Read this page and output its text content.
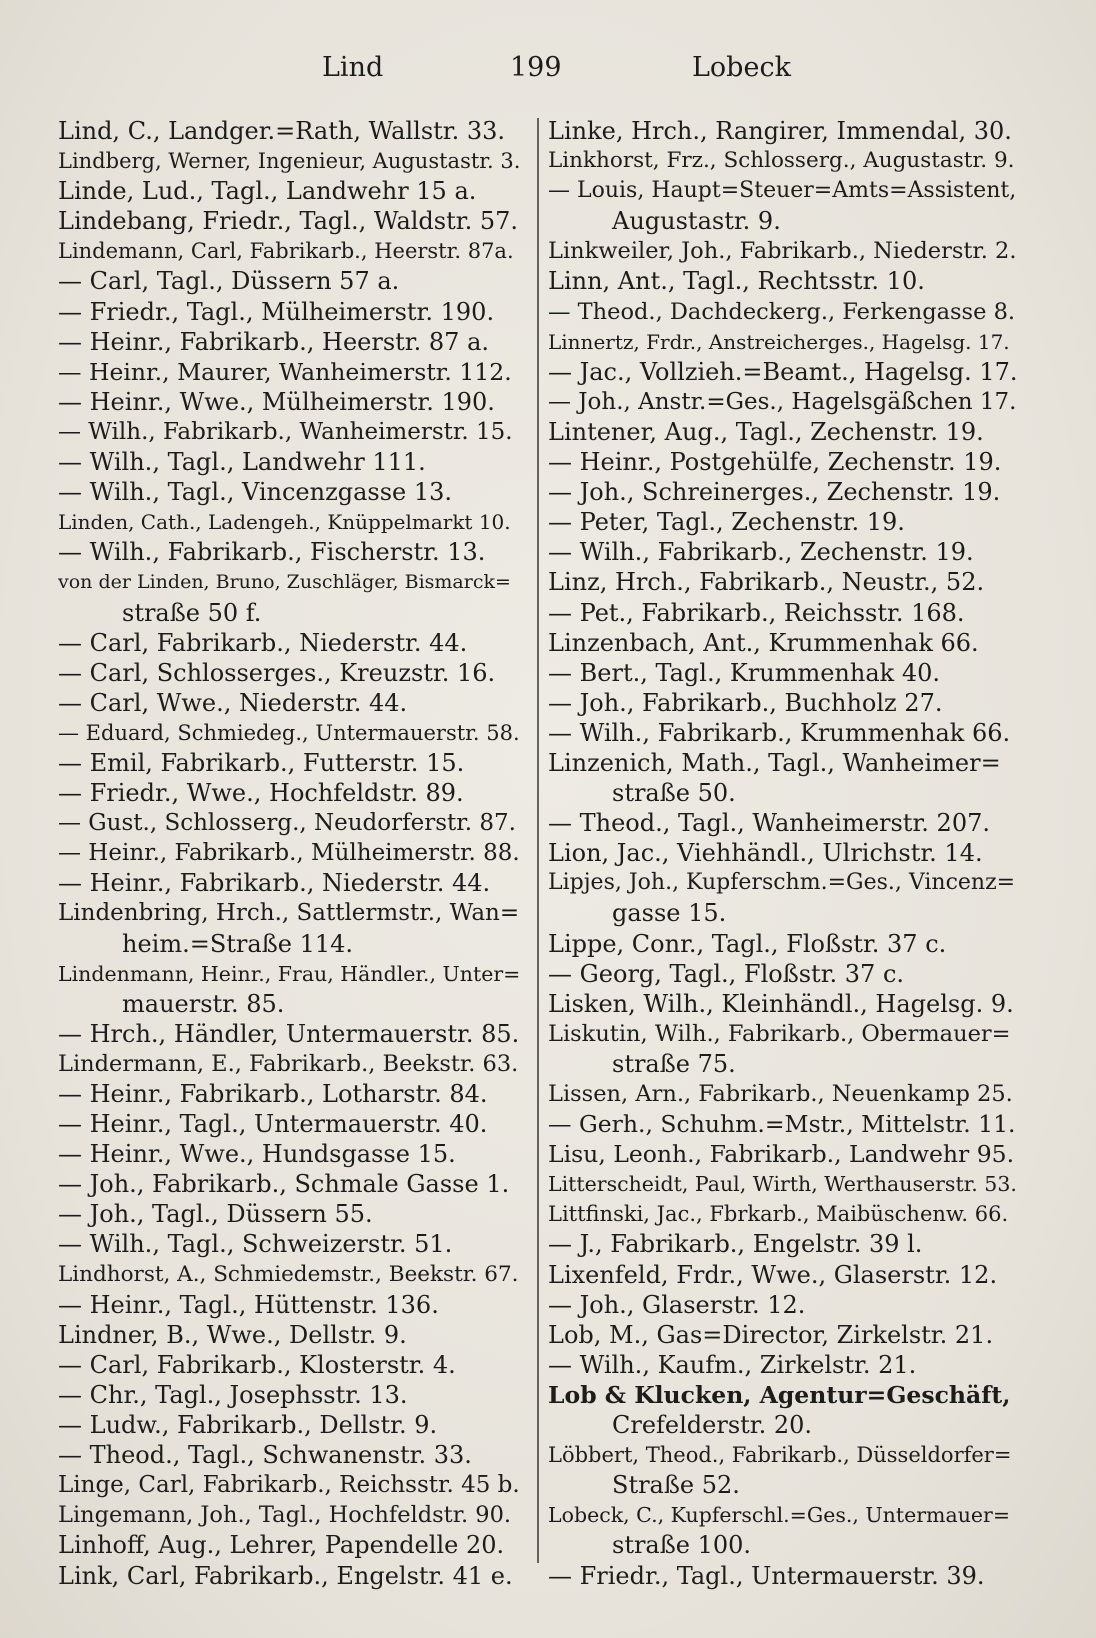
Lind	199	Lobeck
Lind, C., Landger.=Rath, Wallstr. 33.
Lindberg, Werner, Ingenieur, Augustastr. 3.
Linde, Lud., Tagl., Landwehr 15 a.
Lindebang, Friedr., Tagl., Waldstr. 57.
Lindemann, Carl, Fabrikarb., Heerstr. 87a.
— Carl, Tagl., Düssern 57 a.
— Friedr., Tagl., Mülheimerstr. 190.
— Heinr., Fabrikarb., Heerstr. 87 a.
— Heinr., Maurer, Wanheimerstr. 112.
— Heinr., Wwe., Mülheimerstr. 190.
— Wilh., Fabrikarb., Wanheimerstr. 15.
— Wilh., Tagl., Landwehr 111.
— Wilh., Tagl., Vincenzgasse 13.
Linden, Cath., Ladengeh., Knüppelmarkt 10.
— Wilh., Fabrikarb., Fischerstr. 13.
von der Linden, Bruno, Zuschläger, Bismarck=
straße 50 f.
— Carl, Fabrikarb., Niederstr. 44.
— Carl, Schlosserges., Kreuzstr. 16.
— Carl, Wwe., Niederstr. 44.
— Eduard, Schmiedeg., Untermauerstr. 58.
— Emil, Fabrikarb., Futterstr. 15.
— Friedr., Wwe., Hochfeldstr. 89.
— Gust., Schlosserg., Neudorferstr. 87.
— Heinr., Fabrikarb., Mülheimerstr. 88.
— Heinr., Fabrikarb., Niederstr. 44.
Lindenbring, Hrch., Sattlermstr., Wan=
heim.=Straße 114.
Lindenmann, Heinr., Frau, Händler., Unter=
mauerstr. 85.
— Hrch., Händler, Untermauerstr. 85.
Lindermann, E., Fabrikarb., Beekstr. 63.
— Heinr., Fabrikarb., Lotharstr. 84.
— Heinr., Tagl., Untermauerstr. 40.
— Heinr., Wwe., Hundsgasse 15.
— Joh., Fabrikarb., Schmale Gasse 1.
— Joh., Tagl., Düssern 55.
— Wilh., Tagl., Schweizerstr. 51.
Lindhorst, A., Schmiedemstr., Beekstr. 67.
— Heinr., Tagl., Hüttenstr. 136.
Lindner, B., Wwe., Dellstr. 9.
— Carl, Fabrikarb., Klosterstr. 4.
— Chr., Tagl., Josephsstr. 13.
— Ludw., Fabrikarb., Dellstr. 9.
— Theod., Tagl., Schwanenstr. 33.
Linge, Carl, Fabrikarb., Reichsstr. 45 b.
Lingemann, Joh., Tagl., Hochfeldstr. 90.
Linhoff, Aug., Lehrer, Papendelle 20.
Link, Carl, Fabrikarb., Engelstr. 41 e.
Linke, Hrch., Rangirer, Immendal, 30.
Linkhorst, Frz., Schlosserg., Augustastr. 9.
— Louis, Haupt=Steuer=Amts=Assistent,
Augustastr. 9.
Linkweiler, Joh., Fabrikarb., Niederstr. 2.
Linn, Ant., Tagl., Rechtsstr. 10.
— Theod., Dachdeckerg., Ferkengasse 8.
Linnertz, Frdr., Anstreicherges., Hagelsg. 17.
— Jac., Vollzieh.=Beamt., Hagelsg. 17.
— Joh., Anstr.=Ges., Hagelsgäßchen 17.
Lintener, Aug., Tagl., Zechenstr. 19.
— Heinr., Postgehülfe, Zechenstr. 19.
— Joh., Schreinerges., Zechenstr. 19.
— Peter, Tagl., Zechenstr. 19.
— Wilh., Fabrikarb., Zechenstr. 19.
Linz, Hrch., Fabrikarb., Neustr., 52.
— Pet., Fabrikarb., Reichsstr. 168.
Linzenbach, Ant., Krummenhak 66.
— Bert., Tagl., Krummenhak 40.
— Joh., Fabrikarb., Buchholz 27.
— Wilh., Fabrikarb., Krummenhak 66.
Linzenich, Math., Tagl., Wanheimer=
straße 50.
— Theod., Tagl., Wanheimerstr. 207.
Lion, Jac., Viehhändl., Ulrichstr. 14.
Lipjes, Joh., Kupferschm.=Ges., Vincenz=
gasse 15.
Lippe, Conr., Tagl., Floßstr. 37 c.
— Georg, Tagl., Floßstr. 37 c.
Lisken, Wilh., Kleinhändl., Hagelsg. 9.
Liskutin, Wilh., Fabrikarb., Obermauer=
straße 75.
Lissen, Arn., Fabrikarb., Neuenkamp 25.
— Gerh., Schuhm.=Mstr., Mittelstr. 11.
Lisu, Leonh., Fabrikarb., Landwehr 95.
Litterscheidt, Paul, Wirth, Werthauserstr. 53.
Littfinski, Jac., Fbrkarb., Maibüschenw. 66.
— J., Fabrikarb., Engelstr. 39 l.
Lixenfeld, Frdr., Wwe., Glaserstr. 12.
— Joh., Glaserstr. 12.
Lob, M., Gas=Director, Zirkelstr. 21.
— Wilh., Kaufm., Zirkelstr. 21.
Lob & Klucken, Agentur=Geschäft,
Crefelderstr. 20.
Löbbert, Theod., Fabrikarb., Düsseldorfer=
Straße 52.
Lobeck, C., Kupferschl.=Ges., Untermauer=
straße 100.
— Friedr., Tagl., Untermauerstr. 39.
